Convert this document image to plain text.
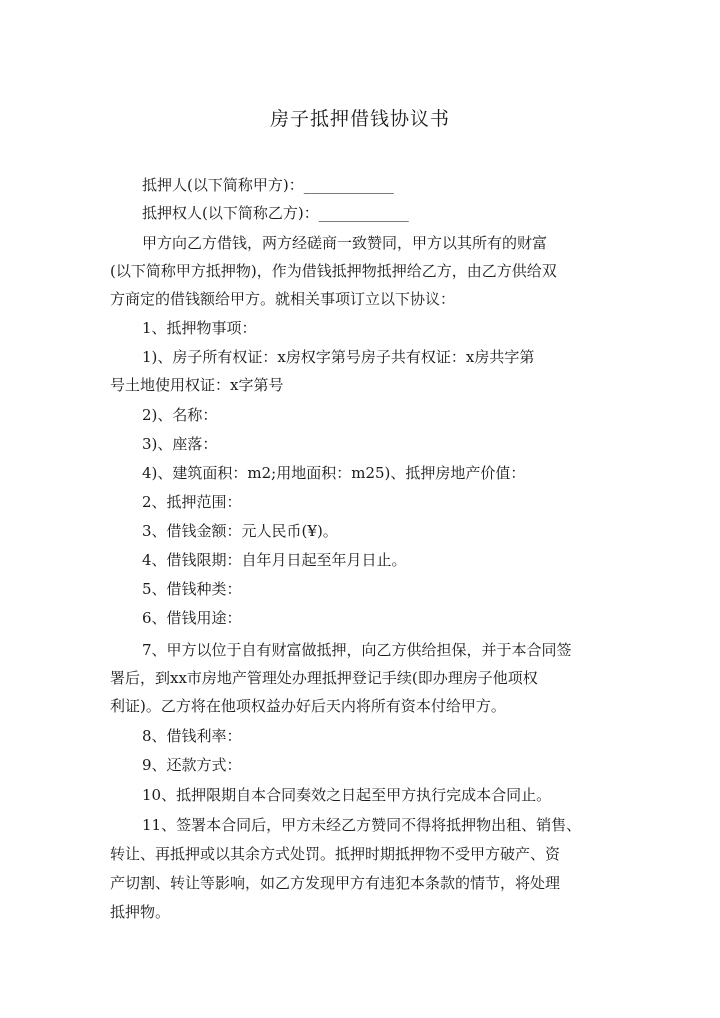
房子抵押借钱协议书
抵押人(以下简称甲方)：____________
抵押权人(以下简称乙方)：____________
甲方向乙方借钱，两方经磋商一致赞同，甲方以其所有的财富
(以下简称甲方抵押物)，作为借钱抵押物抵押给乙方，由乙方供给双
方商定的借钱额给甲方。就相关事项订立以下协议：
1、抵押物事项：
1)、房子所有权证：x房权字第号房子共有权证：x房共字第
号土地使用权证：x字第号
2)、名称：
3)、座落：
4)、建筑面积：m2;用地面积：m25)、抵押房地产价值：
2、抵押范围：
3、借钱金额：元人民币(¥)。
4、借钱限期：自年月日起至年月日止。
5、借钱种类：
6、借钱用途：
7、甲方以位于自有财富做抵押，向乙方供给担保，并于本合同签
署后，到xx市房地产管理处办理抵押登记手续(即办理房子他项权
利证)。乙方将在他项权益办好后天内将所有资本付给甲方。
8、借钱利率：
9、还款方式：
10、抵押限期自本合同奏效之日起至甲方执行完成本合同止。
11、签署本合同后，甲方未经乙方赞同不得将抵押物出租、销售、
转让、再抵押或以其余方式处罚。抵押时期抵押物不受甲方破产、资
产切割、转让等影响，如乙方发现甲方有违犯本条款的情节，将处理
抵押物。
